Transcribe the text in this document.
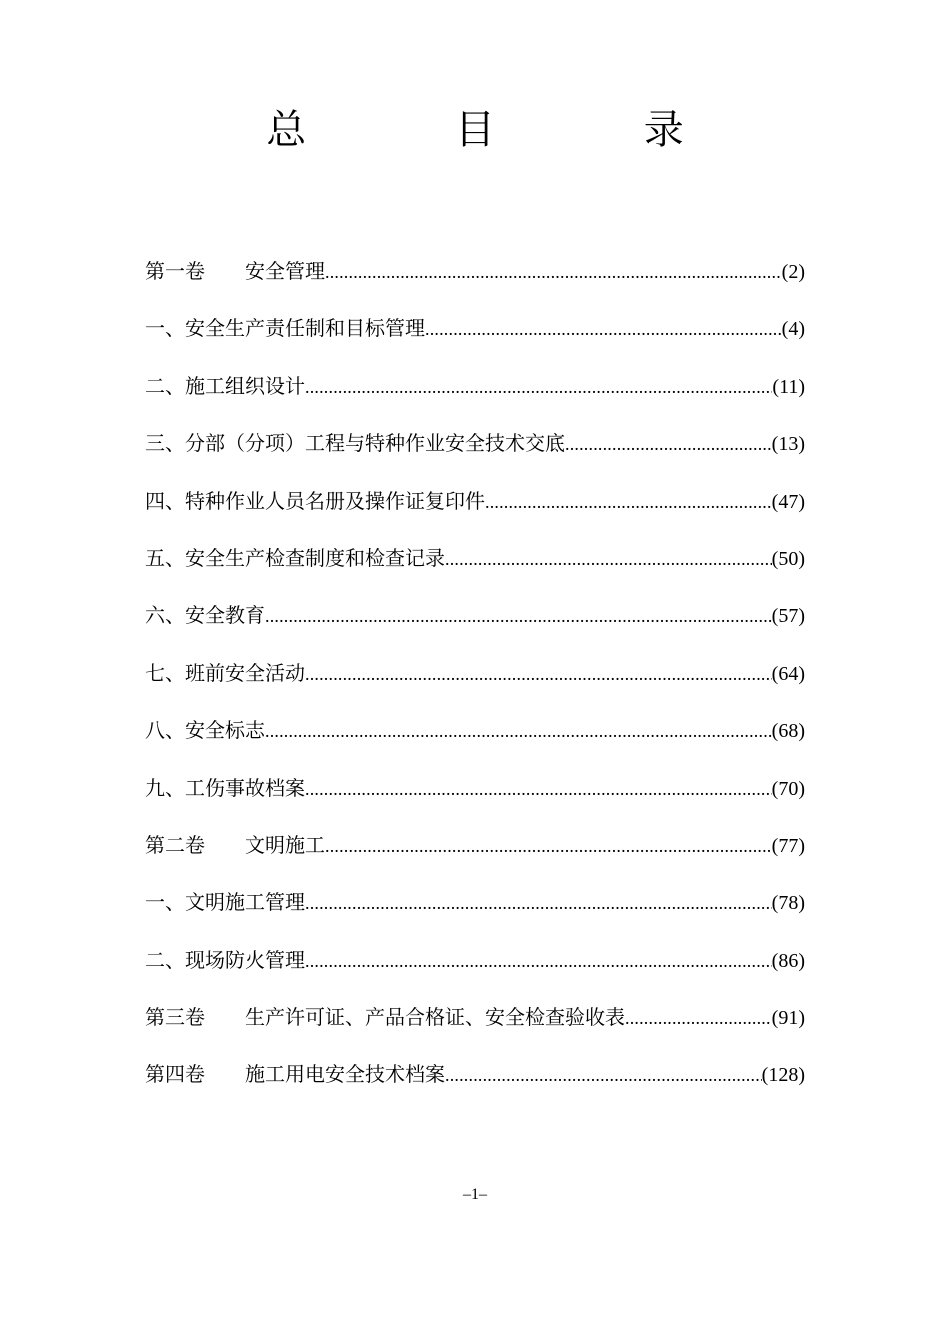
总 目 录
第一卷 安全管理 .....	(2)
一、安全生产责任制和目标管理 .....	(4)
二、施工组织设计 .....	(11)
三、分部（分项）工程与特种作业安全技术交底 .....	(13)
四、特种作业人员名册及操作证复印件 .....	(47)
五、安全生产检查制度和检查记录 .....	(50)
六、安全教育 .....	(57)
七、班前安全活动 .....	(64)
八、安全标志 .....	(68)
九、工伤事故档案 .....	(70)
第二卷 文明施工 .....	(77)
一、文明施工管理 .....	(78)
二、现场防火管理 .....	(86)
第三卷 生产许可证、产品合格证、安全检查验收表 .....	(91)
第四卷 施工用电安全技术档案 .....	(128)
–1–
